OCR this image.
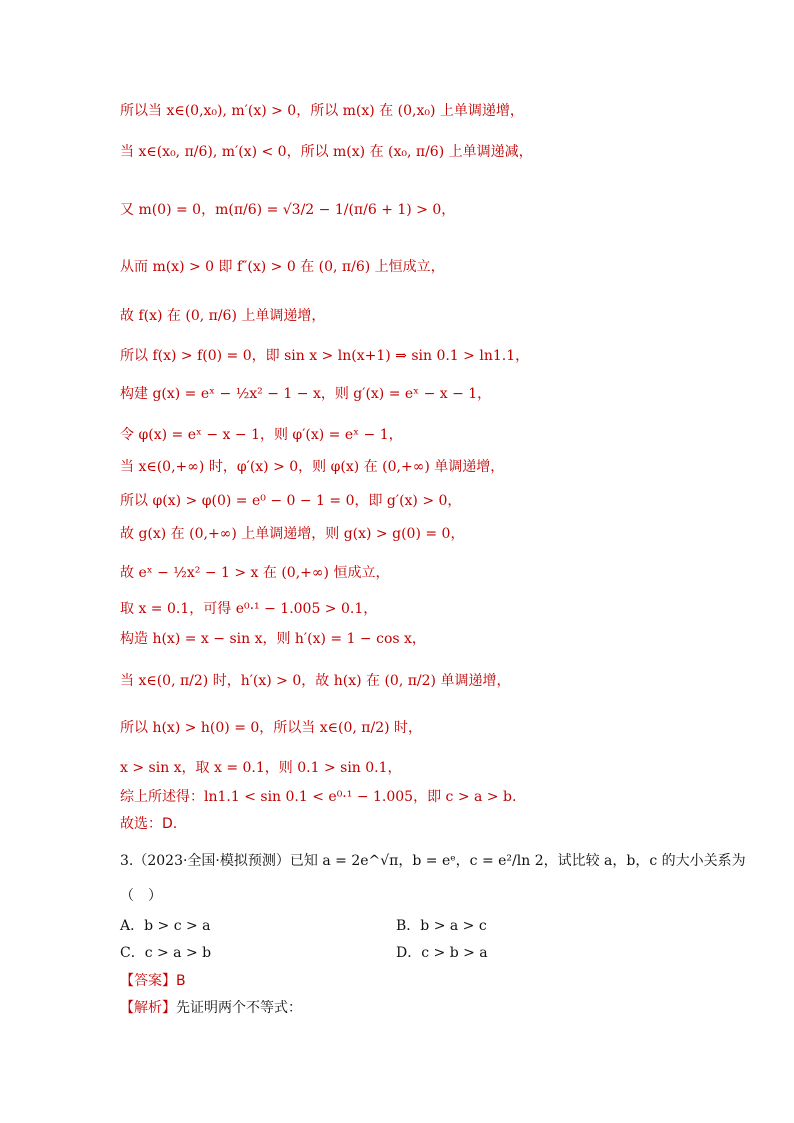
所以当 x∈(0,x₀), m′(x) > 0，所以 m(x) 在 (0,x₀) 上单调递增，
当 x∈(x₀, π/6), m′(x) < 0，所以 m(x) 在 (x₀, π/6) 上单调递减，
又 m(0) = 0，m(π/6) = √3/2 − 1/(π/6 + 1) > 0，
从而 m(x) > 0 即 f″(x) > 0 在 (0, π/6) 上恒成立，
故 f(x) 在 (0, π/6) 上单调递增，
所以 f(x) > f(0) = 0，即 sin x > ln(x+1) ⇒ sin 0.1 > ln1.1，
构建 g(x) = eˣ − ½x² − 1 − x，则 g′(x) = eˣ − x − 1，
令 φ(x) = eˣ − x − 1，则 φ′(x) = eˣ − 1，
当 x∈(0,+∞) 时，φ′(x) > 0，则 φ(x) 在 (0,+∞) 单调递增，
所以 φ(x) > φ(0) = e⁰ − 0 − 1 = 0，即 g′(x) > 0，
故 g(x) 在 (0,+∞) 上单调递增，则 g(x) > g(0) = 0，
故 eˣ − ½x² − 1 > x 在 (0,+∞) 恒成立，
取 x = 0.1，可得 e⁰·¹ − 1.005 > 0.1，
构造 h(x) = x − sin x，则 h′(x) = 1 − cos x，
当 x∈(0, π/2) 时，h′(x) > 0，故 h(x) 在 (0, π/2) 单调递增，
所以 h(x) > h(0) = 0，所以当 x∈(0, π/2) 时，
x > sin x，取 x = 0.1，则 0.1 > sin 0.1，
综上所述得：ln1.1 < sin 0.1 < e⁰·¹ − 1.005，即 c > a > b.
故选：D.
3.（2023·全国·模拟预测）已知 a = 2e^√π，b = eᵉ，c = e²/ln 2，试比较 a，b，c 的大小关系为
（　）
A．b > c > a	B．b > a > c
C．c > a > b	D．c > b > a
【答案】B
【解析】先证明两个不等式：
